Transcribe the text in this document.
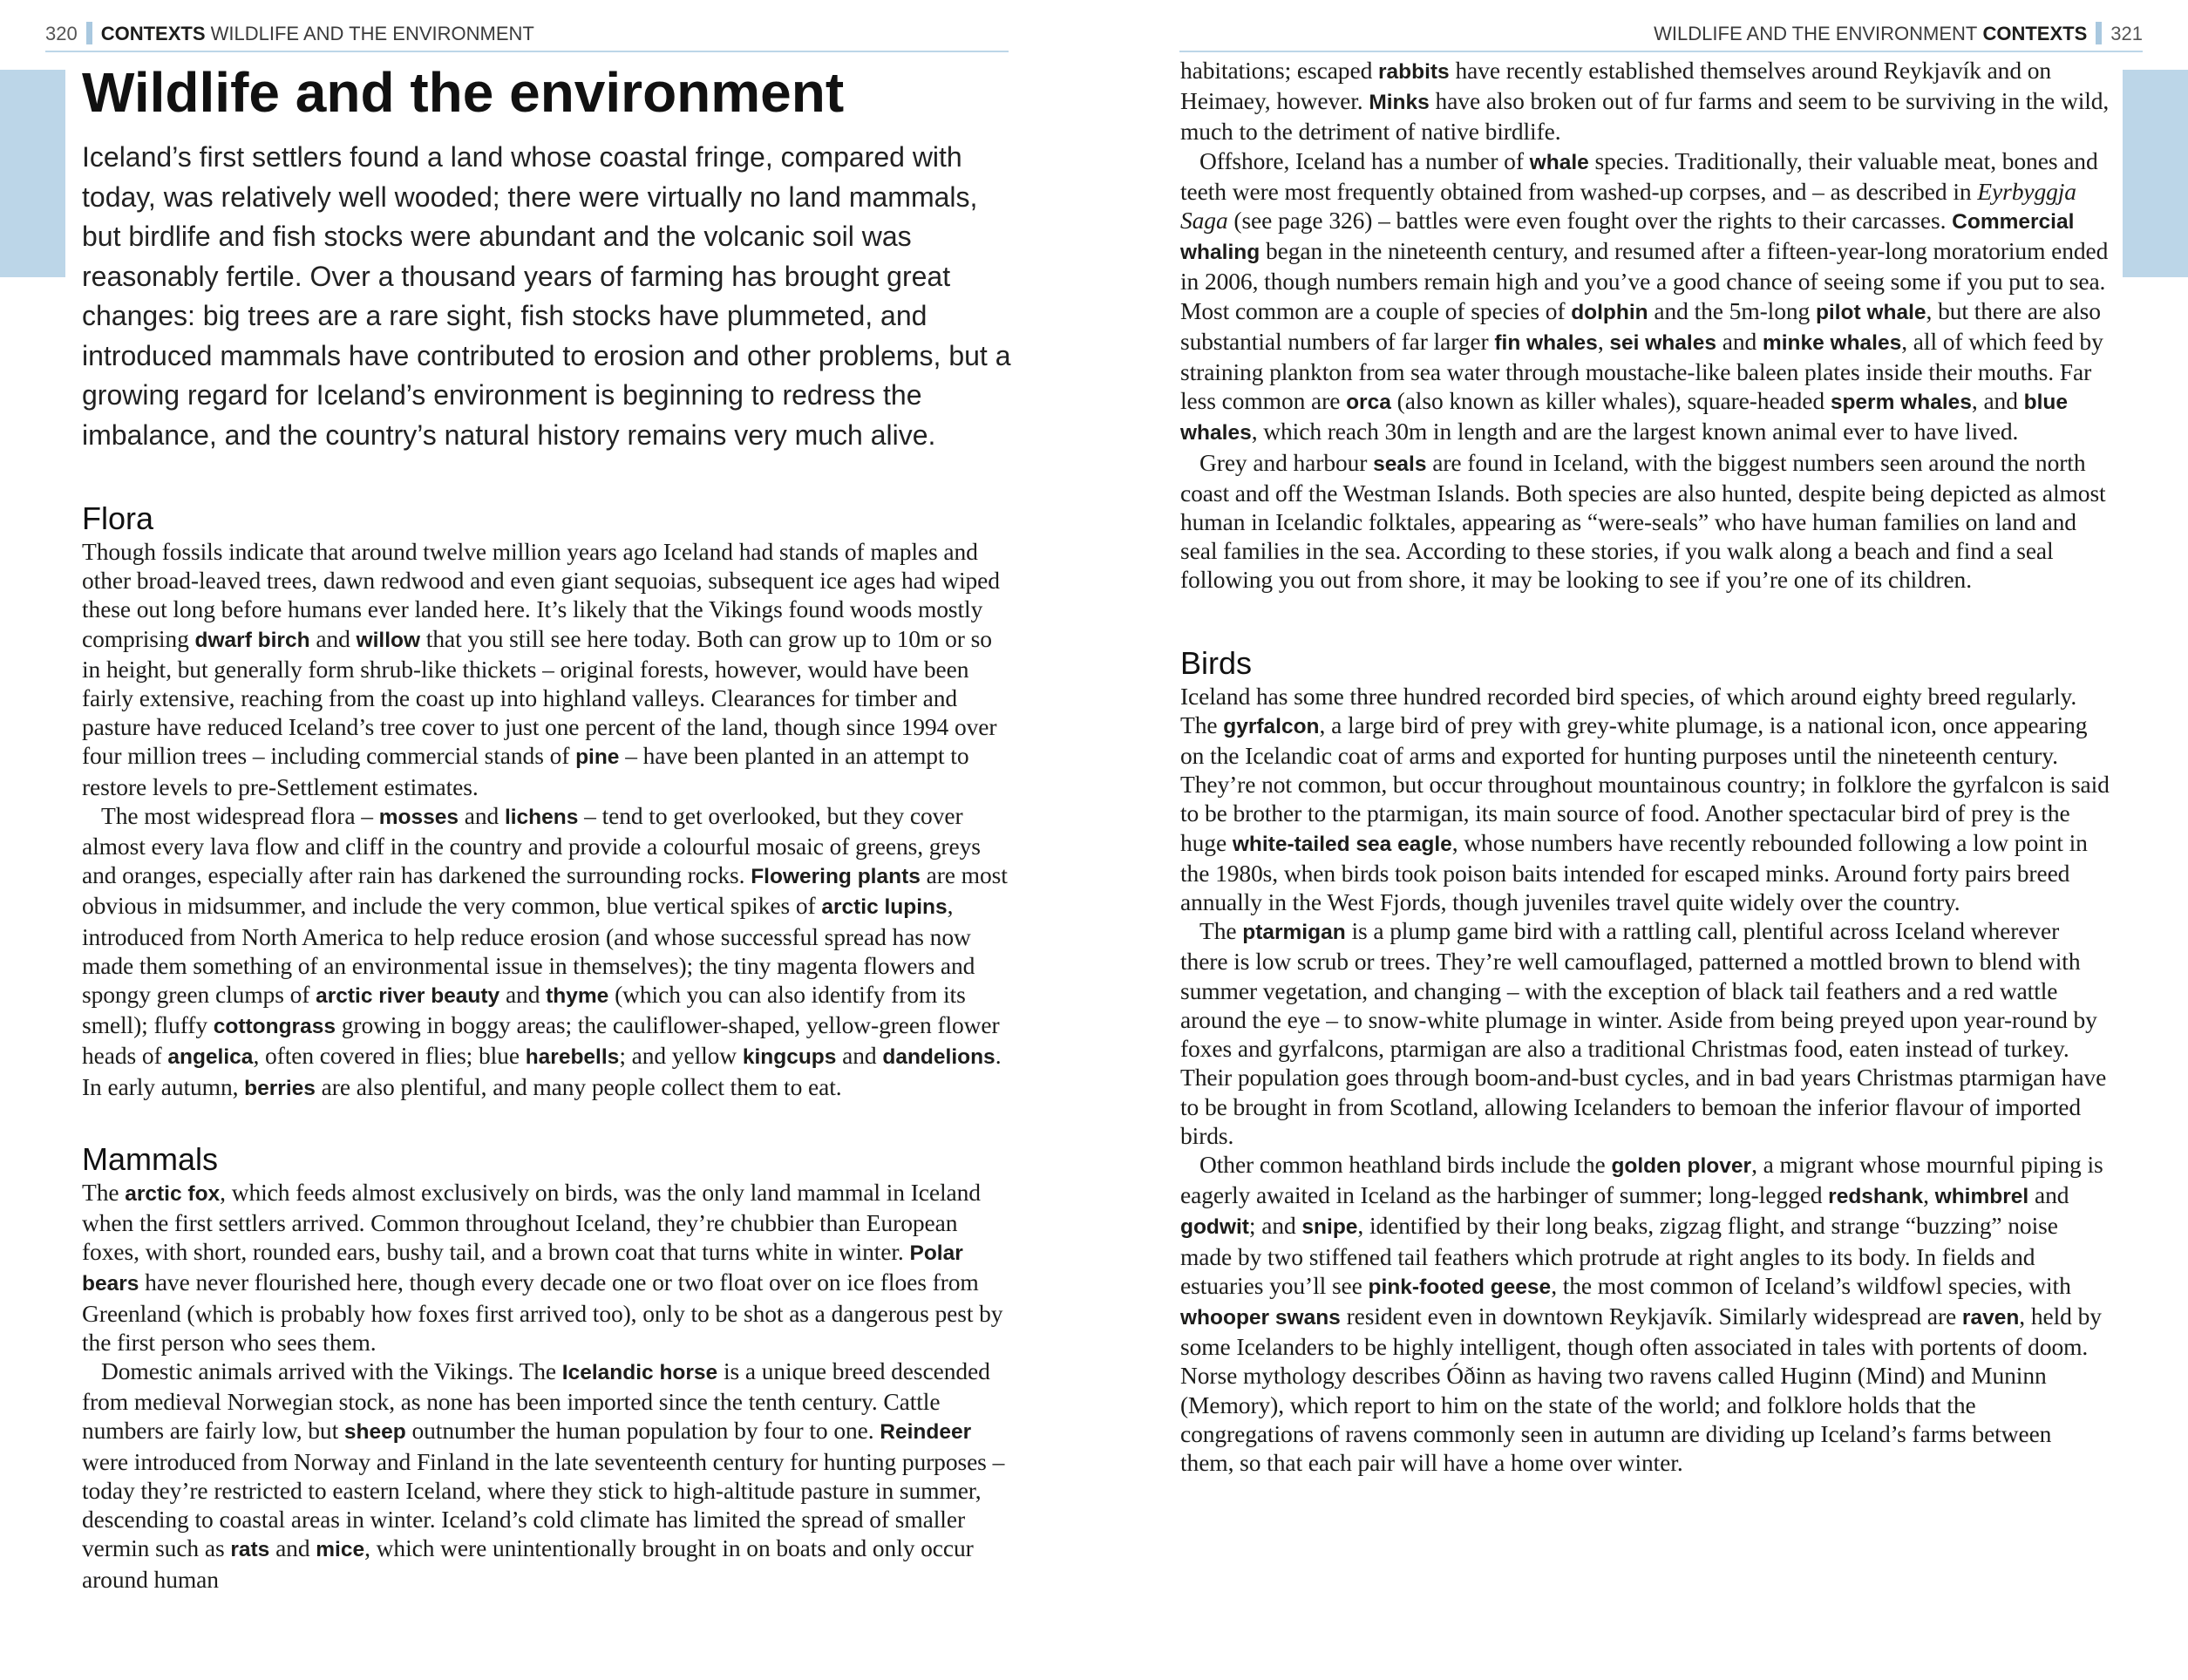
320 CONTEXTS WILDLIFE AND THE ENVIRONMENT	WILDLIFE AND THE ENVIRONMENT CONTEXTS 321
Wildlife and the environment

Iceland’s first settlers found a land whose coastal fringe, compared with today, was relatively well wooded; there were virtually no land mammals, but birdlife and fish stocks were abundant and the volcanic soil was reasonably fertile. Over a thousand years of farming has brought great changes: big trees are a rare sight, fish stocks have plummeted, and introduced mammals have contributed to erosion and other problems, but a growing regard for Iceland’s environment is beginning to redress the imbalance, and the country’s natural history remains very much alive.

Flora

Though fossils indicate that around twelve million years ago Iceland had stands of maples and other broad-leaved trees, dawn redwood and even giant sequoias, subsequent ice ages had wiped these out long before humans ever landed here. It’s likely that the Vikings found woods mostly comprising dwarf birch and willow that you still see here today. Both can grow up to 10m or so in height, but generally form shrub-like thickets – original forests, however, would have been fairly extensive, reaching from the coast up into highland valleys. Clearances for timber and pasture have reduced Iceland’s tree cover to just one percent of the land, though since 1994 over four million trees – including commercial stands of pine – have been planted in an attempt to restore levels to pre-Settlement estimates.

The most widespread flora – mosses and lichens – tend to get overlooked, but they cover almost every lava flow and cliff in the country and provide a colourful mosaic of greens, greys and oranges, especially after rain has darkened the surrounding rocks. Flowering plants are most obvious in midsummer, and include the very common, blue vertical spikes of arctic lupins, introduced from North America to help reduce erosion (and whose successful spread has now made them something of an environmental issue in themselves); the tiny magenta flowers and spongy green clumps of arctic river beauty and thyme (which you can also identify from its smell); fluffy cottongrass growing in boggy areas; the cauliflower-shaped, yellow-green flower heads of angelica, often covered in flies; blue harebells; and yellow kingcups and dandelions. In early autumn, berries are also plentiful, and many people collect them to eat.

Mammals

The arctic fox, which feeds almost exclusively on birds, was the only land mammal in Iceland when the first settlers arrived. Common throughout Iceland, they’re chubbier than European foxes, with short, rounded ears, bushy tail, and a brown coat that turns white in winter. Polar bears have never flourished here, though every decade one or two float over on ice floes from Greenland (which is probably how foxes first arrived too), only to be shot as a dangerous pest by the first person who sees them.

Domestic animals arrived with the Vikings. The Icelandic horse is a unique breed descended from medieval Norwegian stock, as none has been imported since the tenth century. Cattle numbers are fairly low, but sheep outnumber the human population by four to one. Reindeer were introduced from Norway and Finland in the late seventeenth century for hunting purposes – today they’re restricted to eastern Iceland, where they stick to high-altitude pasture in summer, descending to coastal areas in winter. Iceland’s cold climate has limited the spread of smaller vermin such as rats and mice, which were unintentionally brought in on boats and only occur around human

habitations; escaped rabbits have recently established themselves around Reykjavík and on Heimaey, however. Minks have also broken out of fur farms and seem to be surviving in the wild, much to the detriment of native birdlife.

Offshore, Iceland has a number of whale species. Traditionally, their valuable meat, bones and teeth were most frequently obtained from washed-up corpses, and – as described in Eyrbyggja Saga (see page 326) – battles were even fought over the rights to their carcasses. Commercial whaling began in the nineteenth century, and resumed after a fifteen-year-long moratorium ended in 2006, though numbers remain high and you’ve a good chance of seeing some if you put to sea. Most common are a couple of species of dolphin and the 5m-long pilot whale, but there are also substantial numbers of far larger fin whales, sei whales and minke whales, all of which feed by straining plankton from sea water through moustache-like baleen plates inside their mouths. Far less common are orca (also known as killer whales), square-headed sperm whales, and blue whales, which reach 30m in length and are the largest known animal ever to have lived.

Grey and harbour seals are found in Iceland, with the biggest numbers seen around the north coast and off the Westman Islands. Both species are also hunted, despite being depicted as almost human in Icelandic folktales, appearing as “were-seals” who have human families on land and seal families in the sea. According to these stories, if you walk along a beach and find a seal following you out from shore, it may be looking to see if you’re one of its children.

Birds

Iceland has some three hundred recorded bird species, of which around eighty breed regularly. The gyrfalcon, a large bird of prey with grey-white plumage, is a national icon, once appearing on the Icelandic coat of arms and exported for hunting purposes until the nineteenth century. They’re not common, but occur throughout mountainous country; in folklore the gyrfalcon is said to be brother to the ptarmigan, its main source of food. Another spectacular bird of prey is the huge white-tailed sea eagle, whose numbers have recently rebounded following a low point in the 1980s, when birds took poison baits intended for escaped minks. Around forty pairs breed annually in the West Fjords, though juveniles travel quite widely over the country.

The ptarmigan is a plump game bird with a rattling call, plentiful across Iceland wherever there is low scrub or trees. They’re well camouflaged, patterned a mottled brown to blend with summer vegetation, and changing – with the exception of black tail feathers and a red wattle around the eye – to snow-white plumage in winter. Aside from being preyed upon year-round by foxes and gyrfalcons, ptarmigan are also a traditional Christmas food, eaten instead of turkey. Their population goes through boom-and-bust cycles, and in bad years Christmas ptarmigan have to be brought in from Scotland, allowing Icelanders to bemoan the inferior flavour of imported birds.

Other common heathland birds include the golden plover, a migrant whose mournful piping is eagerly awaited in Iceland as the harbinger of summer; long-legged redshank, whimbrel and godwit; and snipe, identified by their long beaks, zigzag flight, and strange “buzzing” noise made by two stiffened tail feathers which protrude at right angles to its body. In fields and estuaries you’ll see pink-footed geese, the most common of Iceland’s wildfowl species, with whooper swans resident even in downtown Reykjavík. Similarly widespread are raven, held by some Icelanders to be highly intelligent, though often associated in tales with portents of doom. Norse mythology describes Óðinn as having two ravens called Huginn (Mind) and Muninn (Memory), which report to him on the state of the world; and folklore holds that the congregations of ravens commonly seen in autumn are dividing up Iceland’s farms between them, so that each pair will have a home over winter.
